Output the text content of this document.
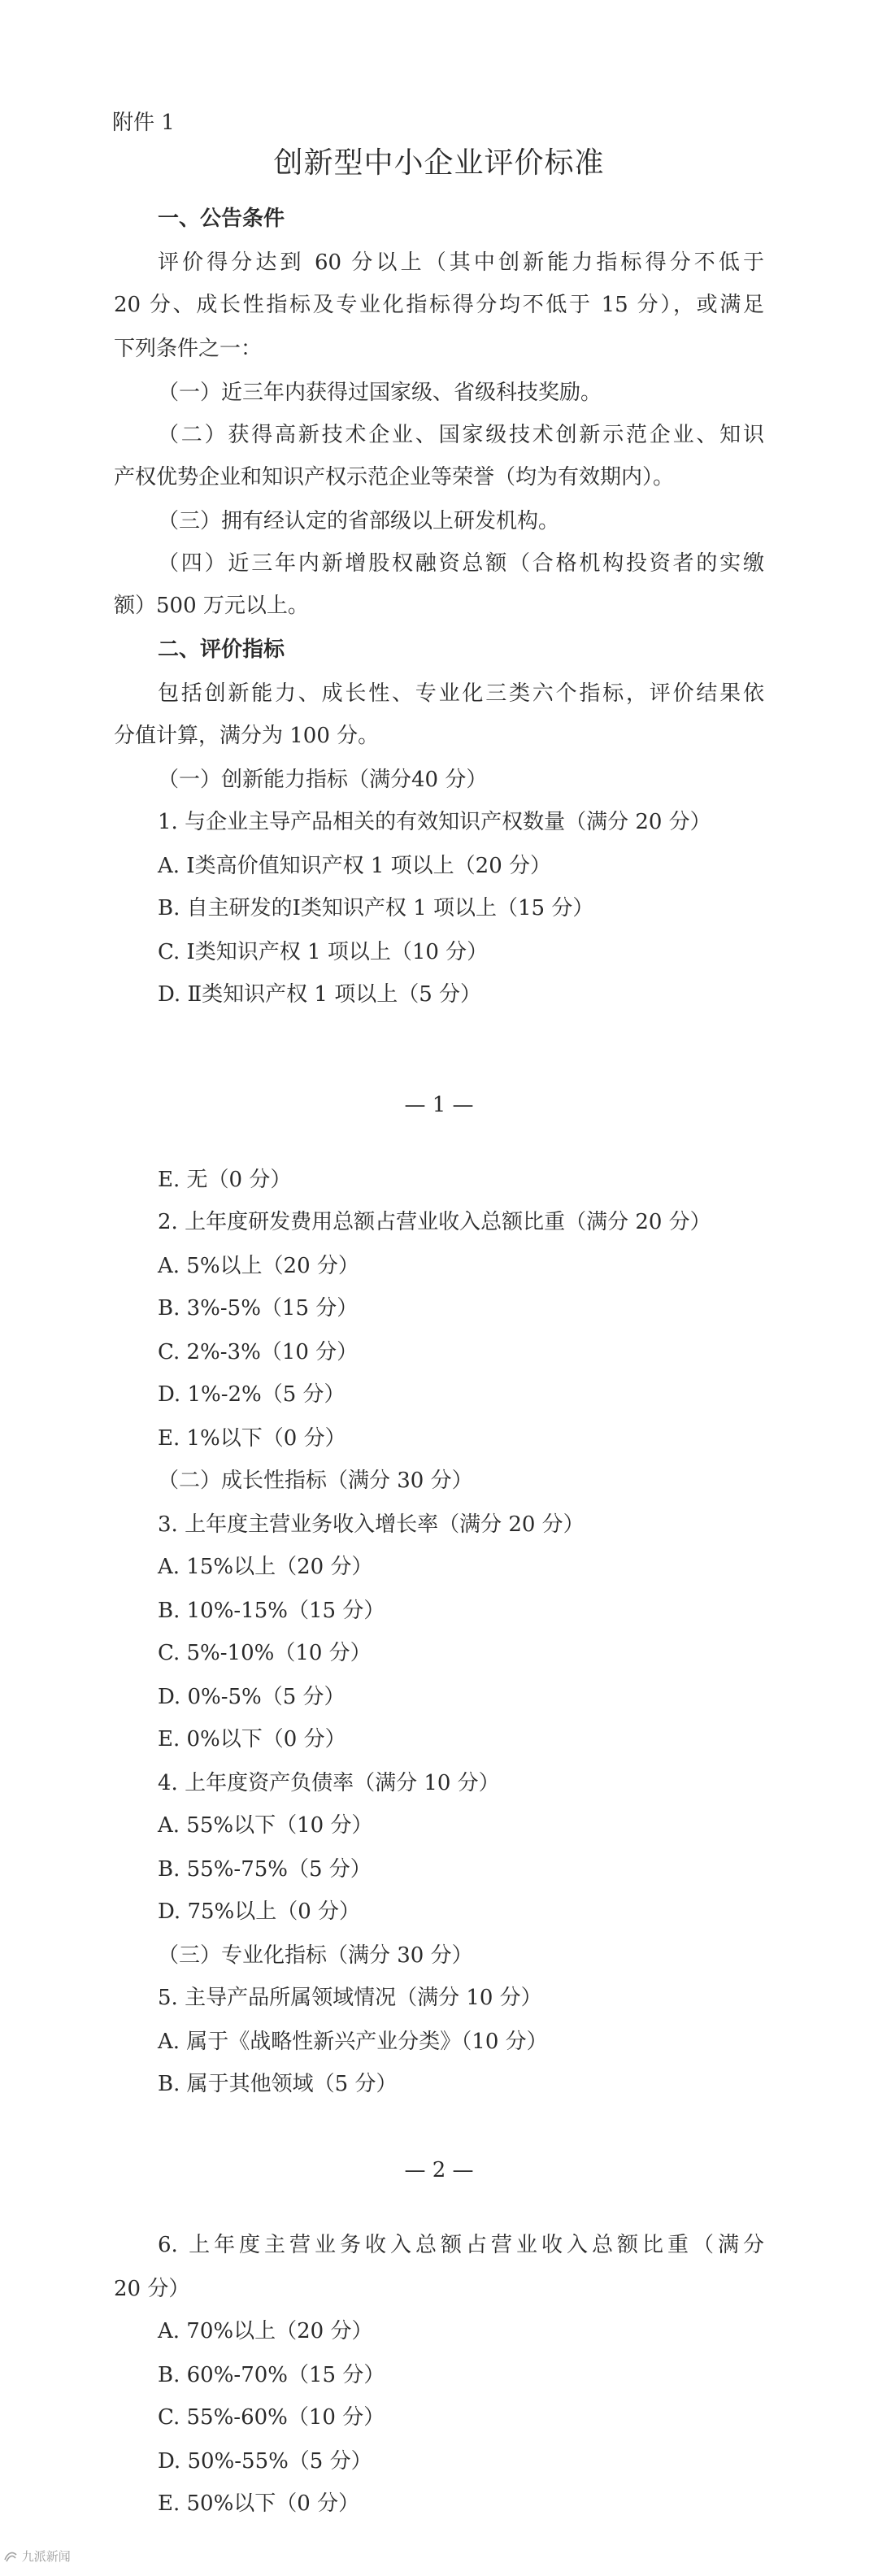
附件 1

创新型中小企业评价标准

一、公告条件

评价得分达到 60 分以上（其中创新能力指标得分不低于

20 分、成长性指标及专业化指标得分均不低于 15 分），或满足

下列条件之一：

（一）近三年内获得过国家级、省级科技奖励。

（二）获得高新技术企业、国家级技术创新示范企业、知识

产权优势企业和知识产权示范企业等荣誉（均为有效期内）。

（三）拥有经认定的省部级以上研发机构。

（四）近三年内新增股权融资总额（合格机构投资者的实缴

额）500 万元以上。

二、评价指标

包括创新能力、成长性、专业化三类六个指标，评价结果依

分值计算，满分为 100 分。

（一）创新能力指标（满分40 分）

1. 与企业主导产品相关的有效知识产权数量（满分 20 分）

A. Ⅰ类高价值知识产权 1 项以上（20 分）

B. 自主研发的Ⅰ类知识产权 1 项以上（15 分）

C. Ⅰ类知识产权 1 项以上（10 分）

D. Ⅱ类知识产权 1 项以上（5 分）

— 1 —

E. 无（0 分）

2. 上年度研发费用总额占营业收入总额比重（满分 20 分）

A. 5%以上（20 分）

B. 3%-5%（15 分）

C. 2%-3%（10 分）

D. 1%-2%（5 分）

E. 1%以下（0 分）

（二）成长性指标（满分 30 分）

3. 上年度主营业务收入增长率（满分 20 分）

A. 15%以上（20 分）

B. 10%-15%（15 分）

C. 5%-10%（10 分）

D. 0%-5%（5 分）

E. 0%以下（0 分）

4. 上年度资产负债率（满分 10 分）

A. 55%以下（10 分）

B. 55%-75%（5 分）

D. 75%以上（0 分）

（三）专业化指标（满分 30 分）

5. 主导产品所属领域情况（满分 10 分）

A. 属于《战略性新兴产业分类》（10 分）

B. 属于其他领域（5 分）

— 2 —

6. 上年度主营业务收入总额占营业收入总额比重（满分

20 分）

A. 70%以上（20 分）

B. 60%-70%（15 分）

C. 55%-60%（10 分）

D. 50%-55%（5 分）

E. 50%以下（0 分）

九派新闻
